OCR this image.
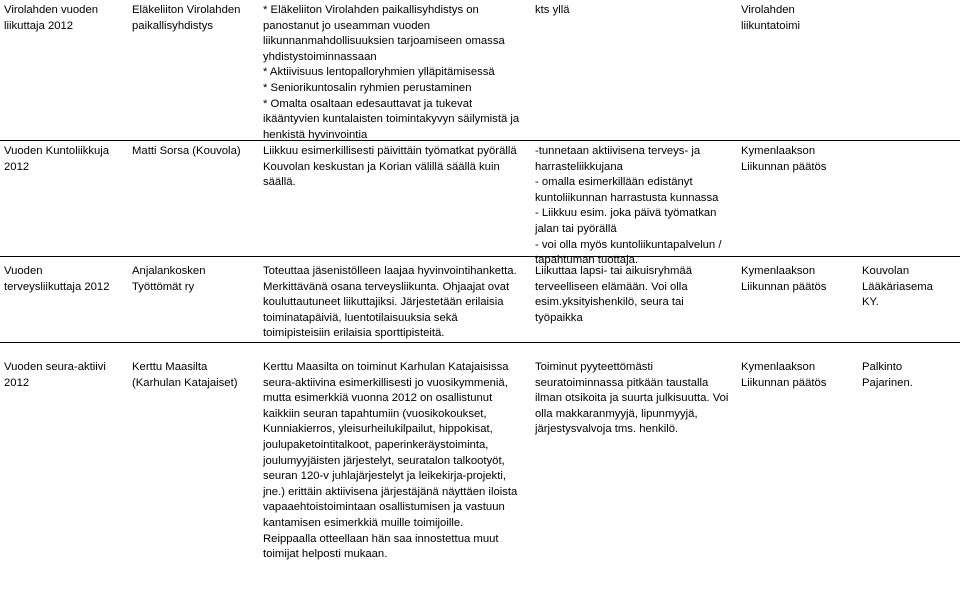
Virolahden vuoden
liikuttaja 2012
Eläkeliiton Virolahden
paikallisyhdistys
* Eläkeliiton Virolahden paikallisyhdistys on
panostanut jo useamman vuoden
liikunnanmahdollisuuksien tarjoamiseen omassa
yhdistystoiminnassaan
* Aktiivisuus lentopalloryhmien ylläpitämisessä
* Seniorikuntosalin ryhmien perustaminen
* Omalta osaltaan edesauttavat ja tukevat
ikääntyvien kuntalaisten toimintakyvyn säilymistä ja
henkistä hyvinvointia
kts yllä	Virolahden
liikuntatoimi
Vuoden Kuntoliikkuja
2012
Matti Sorsa (Kouvola)	Liikkuu esimerkillisesti päivittäin työmatkat pyörällä
Kouvolan keskustan ja Korian välillä säällä kuin
säällä.
-tunnetaan aktiivisena terveys- ja
harrasteliikkujana
- omalla esimerkillään edistänyt
kuntoliikunnan harrastusta kunnassa
- Liikkuu esim. joka päivä työmatkan
jalan tai pyörällä
- voi olla myös kuntoliikuntapalvelun /
tapahtuman tuottaja.
Kymenlaakson
Liikunnan päätös
Vuoden
terveysliikuttaja 2012
Anjalankosken
Työttömät ry
Toteuttaa jäsenistölleen laajaa hyvinvointihanketta.
Merkittävänä osana terveysliikunta. Ohjaajat ovat
kouluttautuneet liikuttajiksi. Järjestetään erilaisia
toiminatapäiviä, luentotilaisuuksia sekä
toimipisteisiin erilaisia sporttipisteitä.
Liikuttaa lapsi- tai aikuisryhmää
terveelliseen elämään. Voi olla
esim.yksityishenkilö, seura tai
työpaikka
Kymenlaakson
Liikunnan päätös
Kouvolan
Lääkäriasema
KY.
Vuoden seura-aktiivi
2012
Kerttu Maasilta
(Karhulan Katajaiset)
Kerttu Maasilta on toiminut Karhulan Katajaisissa
seura-aktiivina esimerkillisesti jo vuosikymmeniä,
mutta esimerkkiä vuonna 2012 on osallistunut
kaikkiin seuran tapahtumiin (vuosikokoukset,
Kunniakierros, yleisurheilukilpailut, hippokisat,
joulupaketointitalkoot, paperinkeräystoiminta,
joulumyyjäisten järjestelyt, seuratalon talkootyöt,
seuran 120-v juhlajärjestelyt ja leikekirja-projekti,
jne.) erittäin aktiivisena järjestäjänä näyttäen iloista
vapaaehtoistoimintaan osallistumisen ja vastuun
kantamisen esimerkkiä muille toimijoille.
Reippaalla otteellaan hän saa innostettua muut
toimijat helposti mukaan.
Toiminut pyyteettömästi
seuratoiminnassa pitkään taustalla
ilman otsikoita ja suurta julkisuutta. Voi
olla makkaranmyyjä, lipunmyyjä,
järjestysvalvoja tms. henkilö.
Kymenlaakson
Liikunnan päätös
Palkinto
Pajarinen.
